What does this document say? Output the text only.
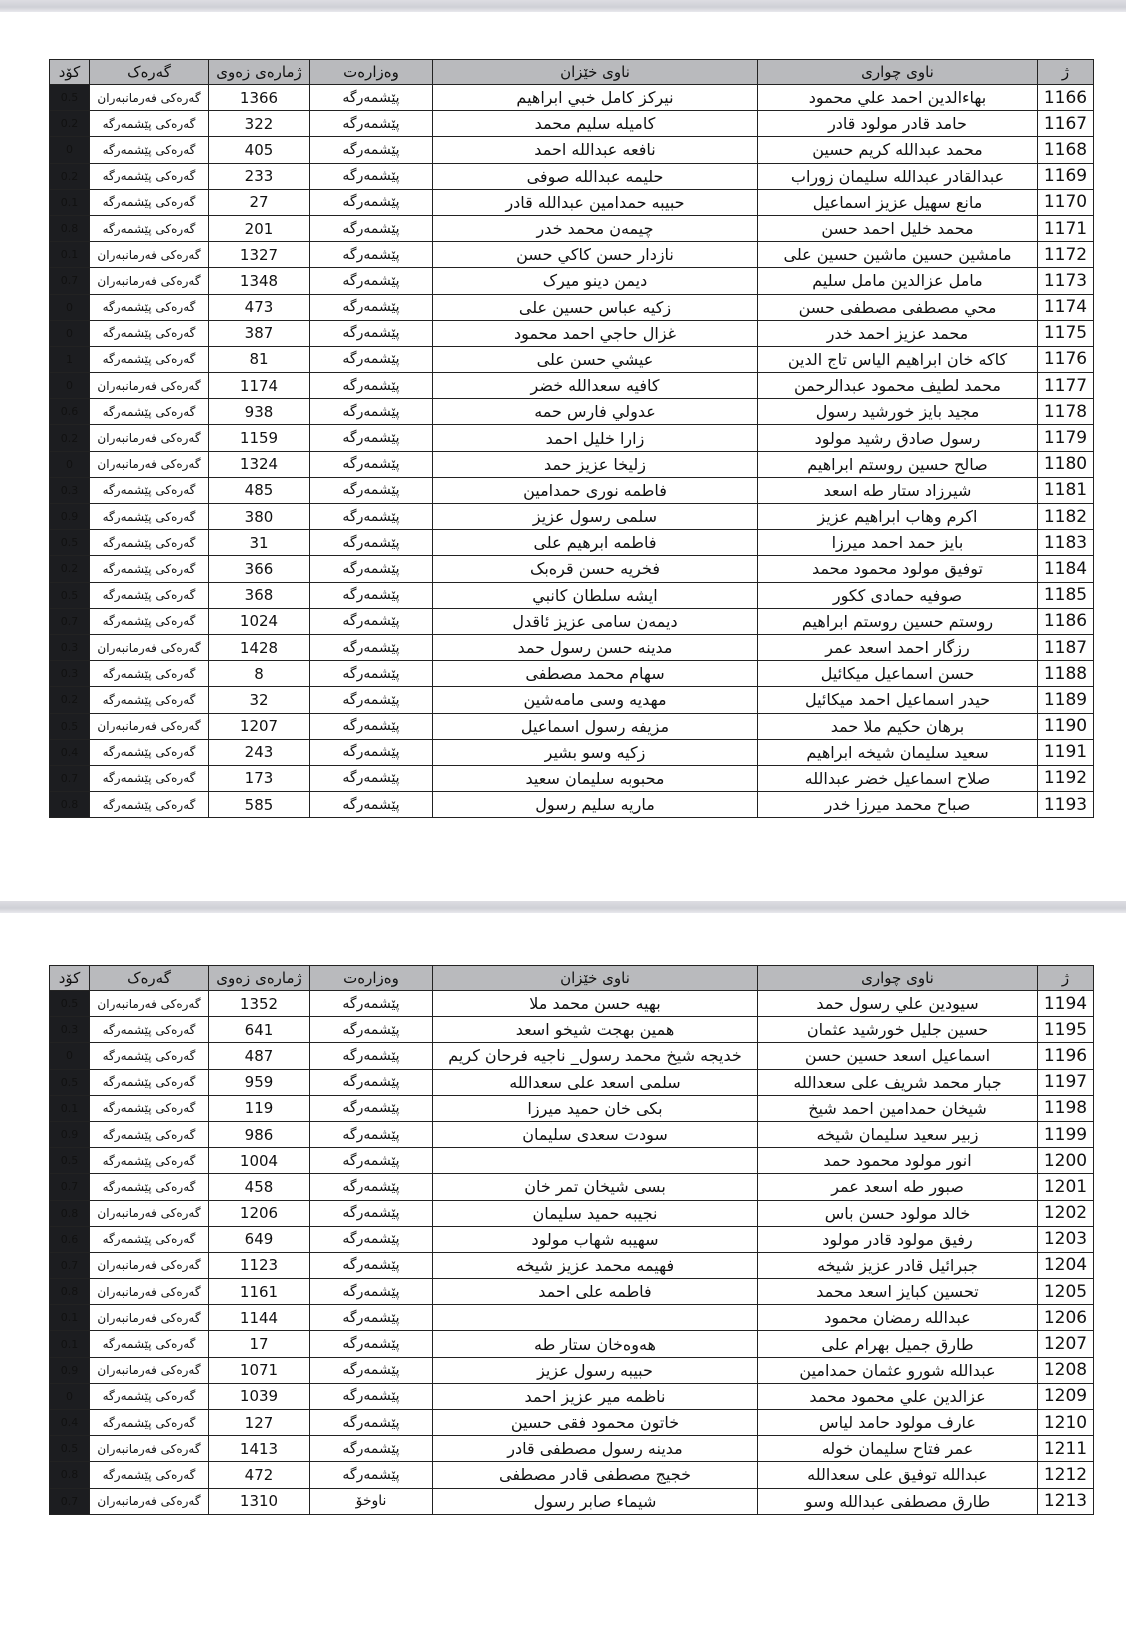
ژ	ناوی چواری	ناوی خێزان	وەزارەت	ژمارەی زەوی	گەرەک	کۆد
1166	بهاءالدين احمد علي محمود	نيركز كامل خبي ابراهيم	پێشمەرگە	1366	گەرەکی فەرمانبەران	0.5
1167	حامد قادر مولود قادر	كامیله سلیم محمد	پێشمەرگە	322	گەرەکی پێشمەرگە	0.2
1168	محمد عبدالله كريم حسين	نافعه عبدالله احمد	پێشمەرگە	405	گەرەکی پێشمەرگە	0
1169	عبدالقادر عبدالله سليمان زوراب	حليمه عبدالله صوفى	پێشمەرگە	233	گەرەکی پێشمەرگە	0.2
1170	مانع سهيل عزيز اسماعيل	حبیبه حمدامین عبدالله قادر	پێشمەرگە	27	گەرەکی پێشمەرگە	0.1
1171	محمد خليل احمد حسن	چیمەن محمد خدر	پێشمەرگە	201	گەرەکی پێشمەرگە	0.8
1172	مامشين حسين ماشين حسين على	نازدار حسن كاكي حسن	پێشمەرگە	1327	گەرەکی فەرمانبەران	0.1
1173	مامل عزالدين مامل سليم	دیمن دینو میرک	پێشمەرگە	1348	گەرەکی فەرمانبەران	0.7
1174	محي مصطفى مصطفى حسن	زكيه عباس حسين على	پێشمەرگە	473	گەرەکی پێشمەرگە	0
1175	محمد عزيز احمد خدر	غزال حاجي احمد محمود	پێشمەرگە	387	گەرەکی پێشمەرگە	0
1176	كاكه خان ابراهيم الياس تاج الدين	عيشي حسن على	پێشمەرگە	81	گەرەکی پێشمەرگە	1
1177	محمد لطيف محمود عبدالرحمن	كافيه سعدالله خضر	پێشمەرگە	1174	گەرەکی فەرمانبەران	0
1178	مجيد بايز خورشيد رسول	عدولي فارس حمه	پێشمەرگە	938	گەرەکی پێشمەرگە	0.6
1179	رسول صادق رشيد مولود	زارا خليل احمد	پێشمەرگە	1159	گەرەکی فەرمانبەران	0.2
1180	صالح حسين روستم ابراهيم	زليخا عزيز حمد	پێشمەرگە	1324	گەرەکی فەرمانبەران	0
1181	شيرزاد ستار طه اسعد	فاطمه نوری حمدامین	پێشمەرگە	485	گەرەکی پێشمەرگە	0.3
1182	اكرم وهاب ابراهيم عزيز	سلمى رسول عزيز	پێشمەرگە	380	گەرەکی پێشمەرگە	0.9
1183	بايز حمد احمد ميرزا	فاطمه ابرهيم على	پێشمەرگە	31	گەرەکی پێشمەرگە	0.5
1184	توفيق مولود محمود محمد	فخريه حسن قرەبک	پێشمەرگە	366	گەرەکی پێشمەرگە	0.2
1185	صوفيه حمادى ككور	ايشه سلطان كانبي	پێشمەرگە	368	گەرەکی پێشمەرگە	0.5
1186	روستم حسين روستم ابراهيم	دیمەن سامی عزیز ئاقدل	پێشمەرگە	1024	گەرەکی پێشمەرگە	0.7
1187	رزگار احمد اسعد عمر	مدينه حسن رسول حمد	پێشمەرگە	1428	گەرەکی فەرمانبەران	0.3
1188	حسن اسماعيل ميكائيل	سهام محمد مصطفى	پێشمەرگە	8	گەرەکی پێشمەرگە	0.3
1189	حيدر اسماعيل احمد ميكائيل	مهدیه وسی مامەشین	پێشمەرگە	32	گەرەکی پێشمەرگە	0.2
1190	برهان حكيم ملا حمد	مزيفه رسول اسماعيل	پێشمەرگە	1207	گەرەکی فەرمانبەران	0.5
1191	سعيد سليمان شيخه ابراهيم	زكيه وسو بشير	پێشمەرگە	243	گەرەکی پێشمەرگە	0.4
1192	صلاح اسماعيل خضر عبدالله	محبوبه سليمان سعيد	پێشمەرگە	173	گەرەکی پێشمەرگە	0.7
1193	صباح محمد ميرزا خدر	ماريه سليم رسول	پێشمەرگە	585	گەرەکی پێشمەرگە	0.8
ژ	ناوی چواری	ناوی خێزان	وەزارەت	ژمارەی زەوی	گەرەک	کۆد
1194	سيودين علي رسول حمد	بهيه حسن محمد ملا	پێشمەرگە	1352	گەرەکی فەرمانبەران	0.5
1195	حسين جليل خورشيد عثمان	همين بهجت شيخو اسعد	پێشمەرگە	641	گەرەکی پێشمەرگە	0.3
1196	اسماعيل اسعد حسين حسن	خديجه شيخ محمد رسول_ ناجيه فرحان كريم	پێشمەرگە	487	گەرەکی پێشمەرگە	0
1197	جبار محمد شريف على سعدالله	سلمى اسعد على سعدالله	پێشمەرگە	959	گەرەکی پێشمەرگە	0.5
1198	شيخان حمدامين احمد شيخ	بكى خان حميد ميرزا	پێشمەرگە	119	گەرەکی پێشمەرگە	0.1
1199	زبير سعيد سليمان شيخه	سودت سعدى سليمان	پێشمەرگە	986	گەرەکی پێشمەرگە	0.9
1200	انور مولود محمود حمد		پێشمەرگە	1004	گەرەکی پێشمەرگە	0.5
1201	صبور طه اسعد عمر	بسى شيخان تمر خان	پێشمەرگە	458	گەرەکی پێشمەرگە	0.7
1202	خالد مولود حسن باس	نجيبه حميد سليمان	پێشمەرگە	1206	گەرەکی فەرمانبەران	0.8
1203	رفيق مولود قادر مولود	سهيبه شهاب مولود	پێشمەرگە	649	گەرەکی پێشمەرگە	0.6
1204	جبرائيل قادر عزيز شيخه	فهيمه محمد عزيز شيخه	پێشمەرگە	1123	گەرەکی فەرمانبەران	0.7
1205	تحسين كبايز اسعد محمد	فاطمه على احمد	پێشمەرگە	1161	گەرەکی فەرمانبەران	0.8
1206	عبدالله رمضان محمود		پێشمەرگە	1144	گەرەکی فەرمانبەران	0.1
1207	طارق جميل بهرام على	هەوەخان ستار طه	پێشمەرگە	17	گەرەکی پێشمەرگە	0.1
1208	عبدالله شورو عثمان حمدامين	حبيبه رسول عزيز	پێشمەرگە	1071	گەرەکی فەرمانبەران	0.9
1209	عزالدين علي محمود محمد	ناظمه مير عزيز احمد	پێشمەرگە	1039	گەرەکی پێشمەرگە	0
1210	عارف مولود حامد لياس	خاتون محمود فقی حسین	پێشمەرگە	127	گەرەکی پێشمەرگە	0.4
1211	عمر فتاح سليمان خوله	مدينه رسول مصطفى قادر	پێشمەرگە	1413	گەرەکی فەرمانبەران	0.5
1212	عبدالله توفيق على سعدالله	خجيج مصطفى قادر مصطفى	پێشمەرگە	472	گەرەکی پێشمەرگە	0.8
1213	طارق مصطفى عبدالله وسو	شيماء صابر رسول	ناوخۆ	1310	گەرەکی فەرمانبەران	0.7
